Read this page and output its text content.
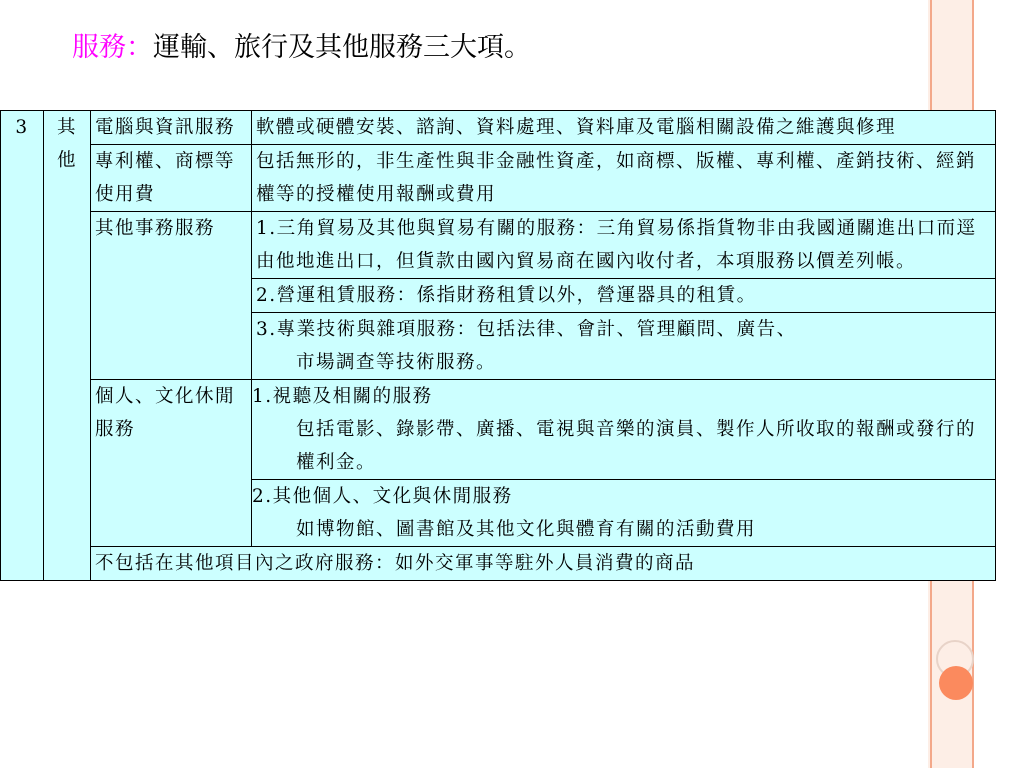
服務：運輸、旅行及其他服務三大項。
3	其他	電腦與資訊服務	軟體或硬體安裝、諮詢、資料處理、資料庫及電腦相關設備之維護與修理
		專利權、商標等使用費	包括無形的，非生產性與非金融性資產，如商標、版權、專利權、產銷技術、經銷權等的授權使用報酬或費用
		其他事務服務	1.三角貿易及其他與貿易有關的服務：三角貿易係指貨物非由我國通關進出口而逕由他地進出口，但貨款由國內貿易商在國內收付者，本項服務以價差列帳。

			2.營運租賃服務：係指財務租賃以外，營運器具的租賃。

			3.專業技術與雜項服務：包括法律、會計、管理顧問、廣告、
市場調查等技術服務。

		個人、文化休閒服務	1.視聽及相關的服務
包括電影、錄影帶、廣播、電視與音樂的演員、製作人所收取的報酬或發行的權利金。

			2.其他個人、文化與休閒服務
如博物館、圖書館及其他文化與體育有關的活動費用

		不包括在其他項目內之政府服務：如外交軍事等駐外人員消費的商品	
